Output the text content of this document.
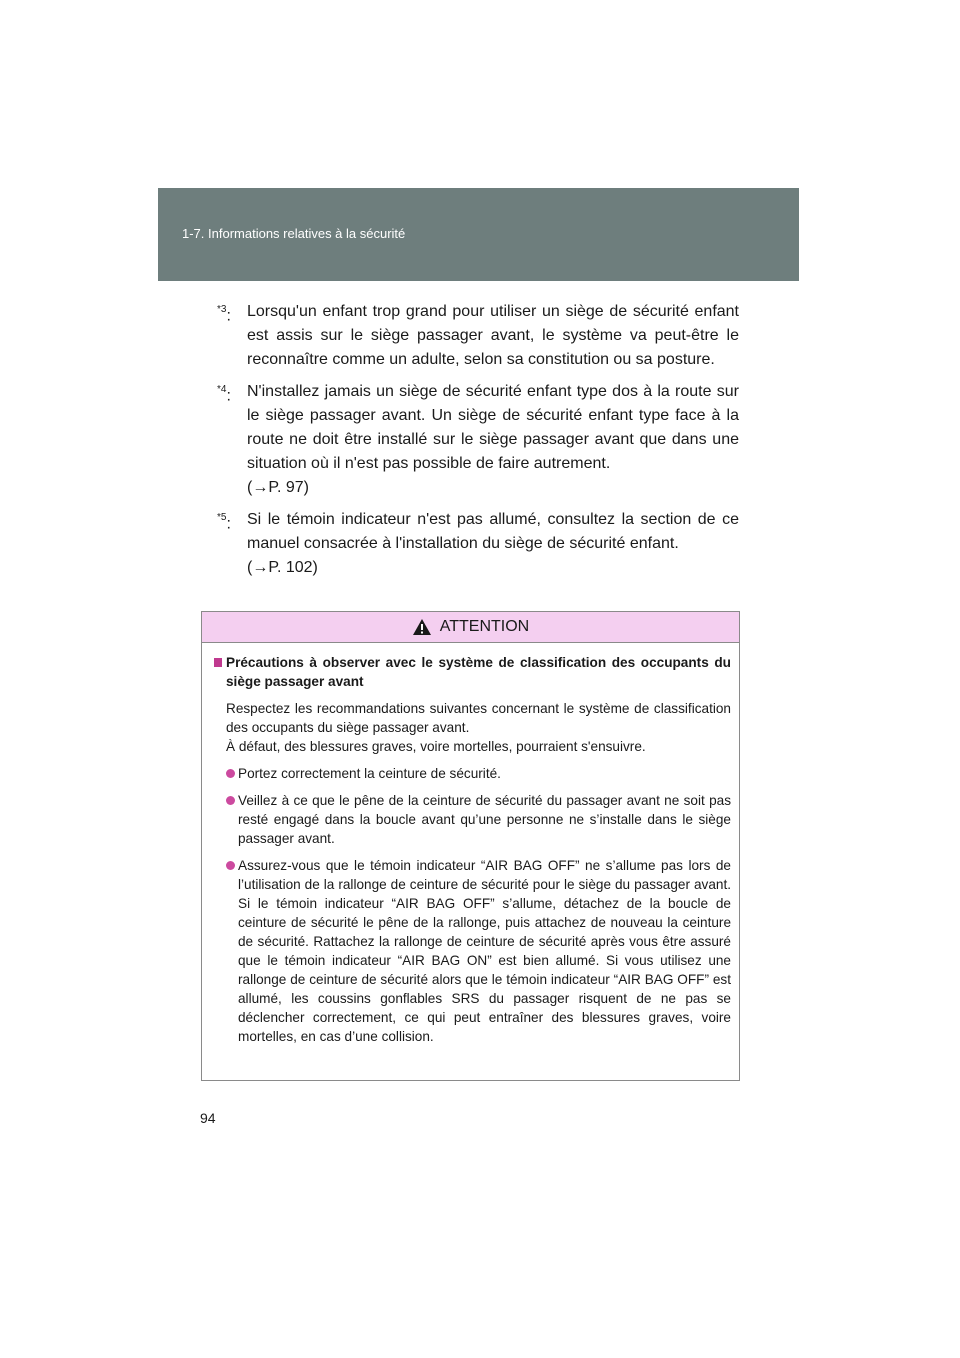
1-7. Informations relatives à la sécurité
$^{*3}$: Lorsqu'un enfant trop grand pour utiliser un siège de sécurité enfant est assis sur le siège passager avant, le système va peut-être le reconnaître comme un adulte, selon sa constitution ou sa posture.
$^{*4}$: N'installez jamais un siège de sécurité enfant type dos à la route sur le siège passager avant. Un siège de sécurité enfant type face à la route ne doit être installé sur le siège passager avant que dans une situation où il n'est pas possible de faire autrement.
(→P. 97)
$^{*5}$: Si le témoin indicateur n'est pas allumé, consultez la section de ce manuel consacrée à l'installation du siège de sécurité enfant.
(→P. 102)
ATTENTION
Précautions à observer avec le système de classification des occupants du siège passager avant

Respectez les recommandations suivantes concernant le système de classification des occupants du siège passager avant.

À défaut, des blessures graves, voire mortelles, pourraient s'ensuivre.

Portez correctement la ceinture de sécurité.
Veillez à ce que le pêne de la ceinture de sécurité du passager avant ne soit pas resté engagé dans la boucle avant qu’une personne ne s’installe dans le siège passager avant.
Assurez-vous que le témoin indicateur “AIR BAG OFF” ne s’allume pas lors de l’utilisation de la rallonge de ceinture de sécurité pour le siège du passager avant. Si le témoin indicateur “AIR BAG OFF” s’allume, détachez de la boucle de ceinture de sécurité le pêne de la rallonge, puis attachez de nouveau la ceinture de sécurité. Rattachez la rallonge de ceinture de sécurité après vous être assuré que le témoin indicateur “AIR BAG ON” est bien allumé. Si vous utilisez une rallonge de ceinture de sécurité alors que le témoin indicateur “AIR BAG OFF” est allumé, les coussins gonflables SRS du passager risquent de ne pas se déclencher correctement, ce qui peut entraîner des blessures graves, voire mortelles, en cas d’une collision.
94
